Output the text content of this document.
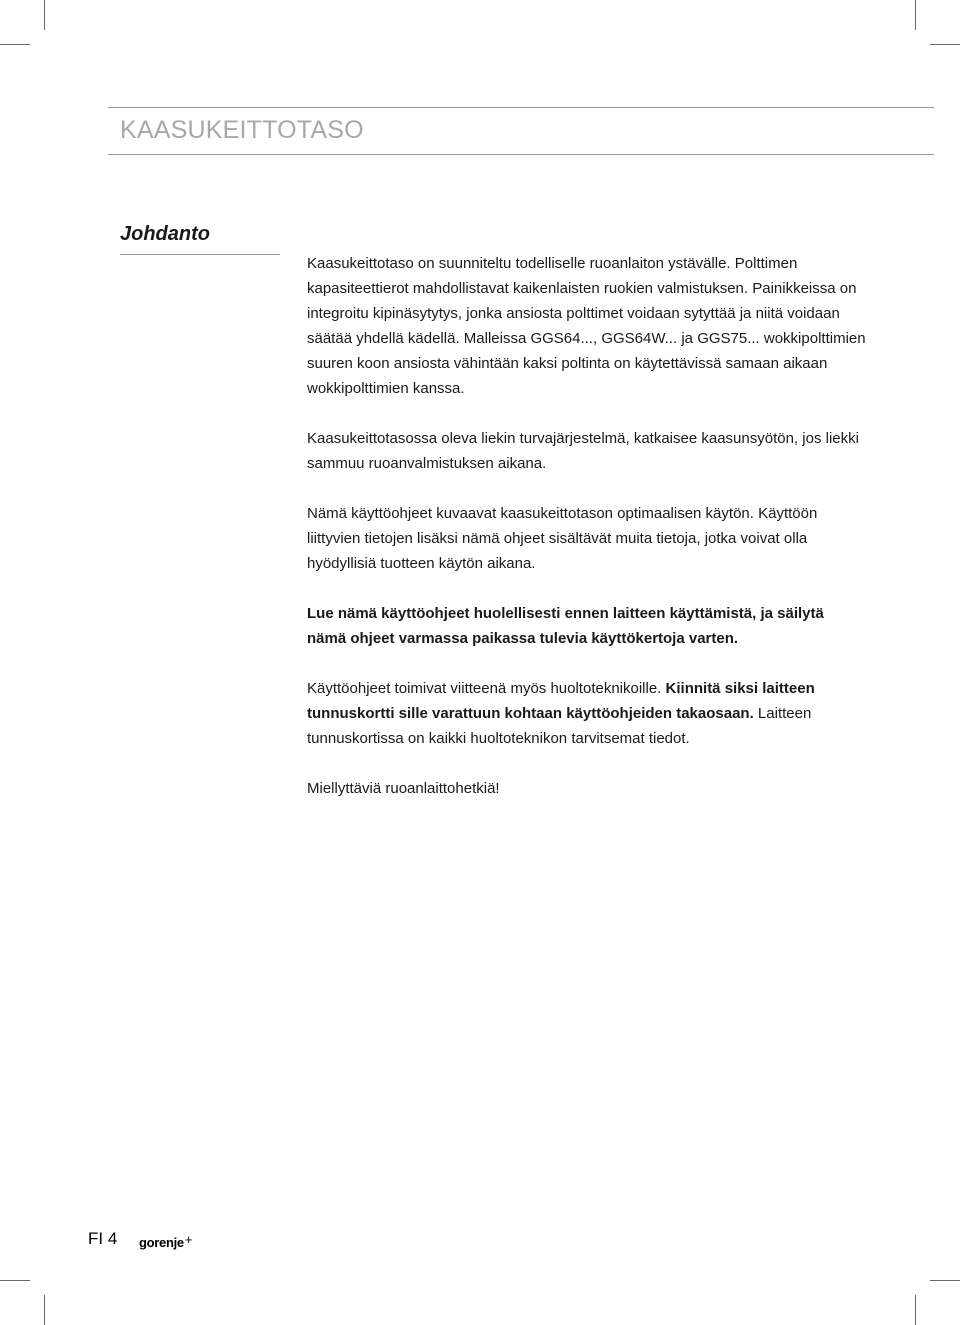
KAASUKEITTOTASO
Johdanto

Kaasukeittotaso on suunniteltu todelliselle ruoanlaiton ystävälle. Polttimen kapasiteettierot mahdollistavat kaikenlaisten ruokien valmistuksen. Painikkeissa on integroitu kipinäsytytys, jonka ansiosta polttimet voidaan sytyttää ja niitä voidaan säätää yhdellä kädellä. Malleissa GGS64..., GGS64W... ja GGS75... wokkipolttimien suuren koon ansiosta vähintään kaksi poltinta on käytettävissä samaan aikaan wokkipolttimien kanssa.

Kaasukeittotasossa oleva liekin turvajärjestelmä, katkaisee kaasunsyötön, jos liekki sammuu ruoanvalmistuksen aikana.

Nämä käyttöohjeet kuvaavat kaasukeittotason optimaalisen käytön. Käyttöön liittyvien tietojen lisäksi nämä ohjeet sisältävät muita tietoja, jotka voivat olla hyödyllisiä tuotteen käytön aikana.

Lue nämä käyttöohjeet huolellisesti ennen laitteen käyttämistä, ja säilytä nämä ohjeet varmassa paikassa tulevia käyttökertoja varten.

Käyttöohjeet toimivat viitteenä myös huoltoteknikoille. Kiinnitä siksi laitteen tunnuskortti sille varattuun kohtaan käyttöohjeiden takaosaan. Laitteen tunnuskortissa on kaikki huoltoteknikon tarvitsemat tiedot.

Miellyttäviä ruoanlaittohetkiä!

FI 4 gorenje+
